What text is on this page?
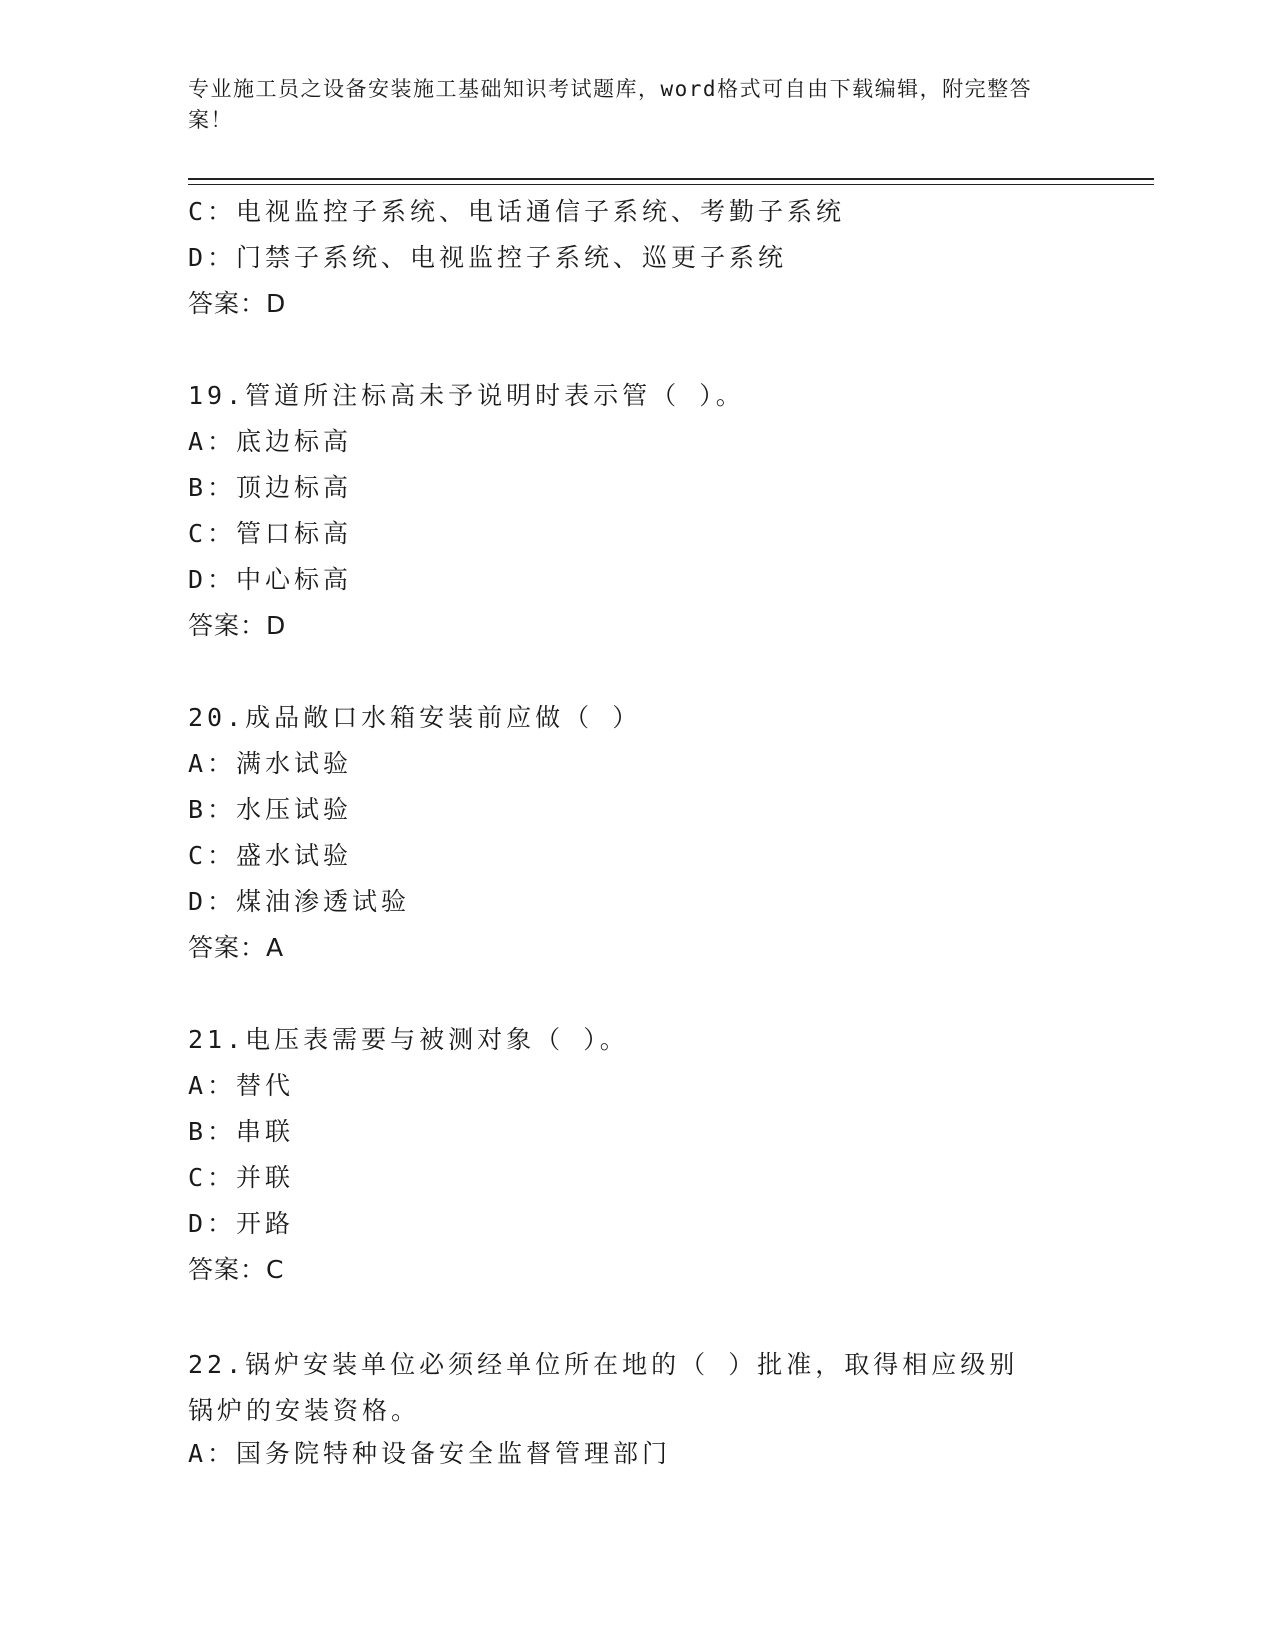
专业施工员之设备安装施工基础知识考试题库，word格式可自由下载编辑，附完整答案！

C：电视监控子系统、电话通信子系统、考勤子系统
D：门禁子系统、电视监控子系统、巡更子系统
答案：D
19.管道所注标高未予说明时表示管（ ）。
A：底边标高
B：顶边标高
C：管口标高
D：中心标高
答案：D
20.成品敞口水箱安装前应做（ ）
A：满水试验
B：水压试验
C：盛水试验
D：煤油渗透试验
答案：A
21.电压表需要与被测对象（ ）。
A：替代
B：串联
C：并联
D：开路
答案：C
22.锅炉安装单位必须经单位所在地的（ ）批准，取得相应级别锅炉的安装资格。
A：国务院特种设备安全监督管理部门
